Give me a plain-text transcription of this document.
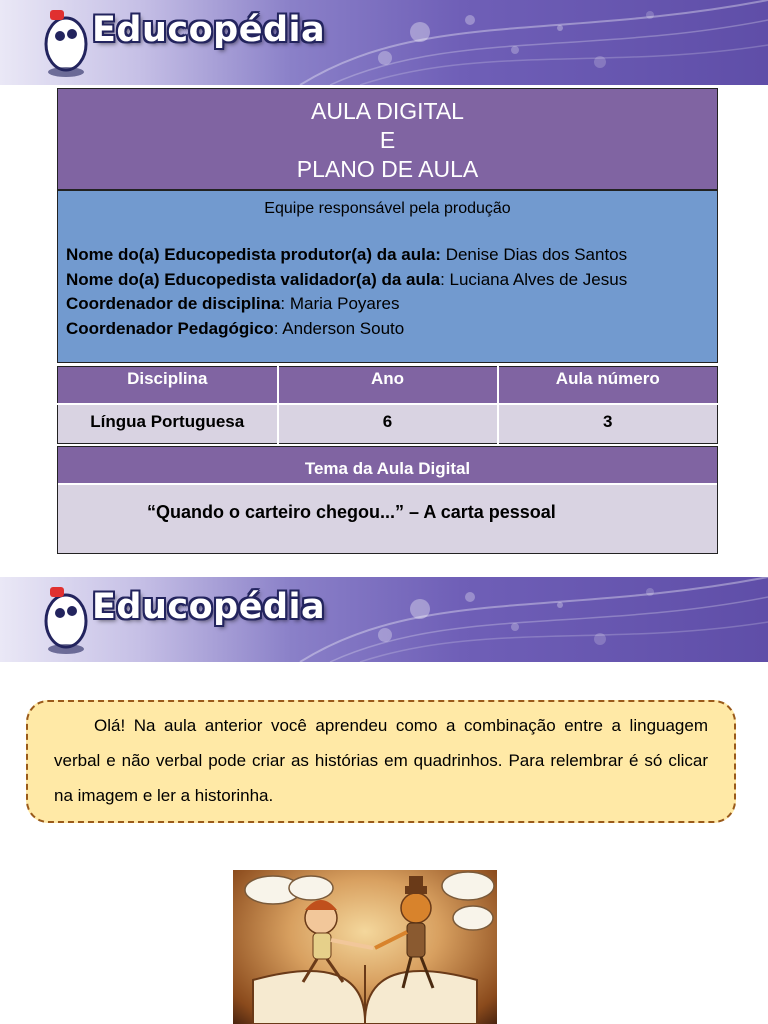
Educopédia
AULA DIGITAL
E
PLANO DE AULA
Equipe responsável pela produção
Nome do(a) Educopedista produtor(a) da aula: Denise Dias dos Santos
Nome do(a) Educopedista validador(a) da aula: Luciana Alves de Jesus
Coordenador de disciplina: Maria Poyares
Coordenador Pedagógico: Anderson Souto
Disciplina	Ano	Aula número
Língua Portuguesa	6	3
Tema da Aula Digital
“Quando o carteiro chegou...” – A carta pessoal
Educopédia

Olá! Na aula anterior você aprendeu como a combinação entre a linguagem verbal e não verbal pode criar as histórias em quadrinhos. Para relembrar é só clicar na imagem e ler a historinha.
